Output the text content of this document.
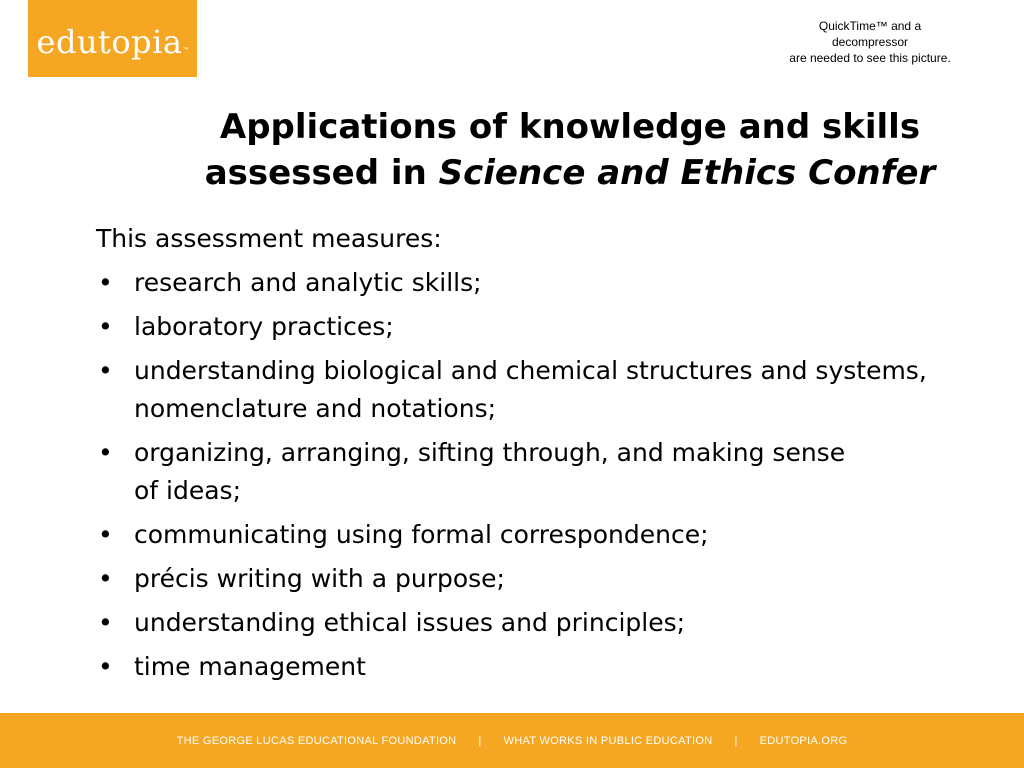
edutopia ™
QuickTime™ and a
decompressor
are needed to see this picture.
Applications of knowledge and skills
assessed in Science and Ethics Confer

This assessment measures:

• research and analytic skills;
• laboratory practices;
• understanding biological and chemical structures and systems, nomenclature and notations;
• organizing, arranging, sifting through, and making sense of ideas;
• communicating using formal correspondence;
• précis writing with a purpose;
• understanding ethical issues and principles;
• time management
THE GEORGE LUCAS EDUCATIONAL FOUNDATION | WHAT WORKS IN PUBLIC EDUCATION | EDUTOPIA.ORG
